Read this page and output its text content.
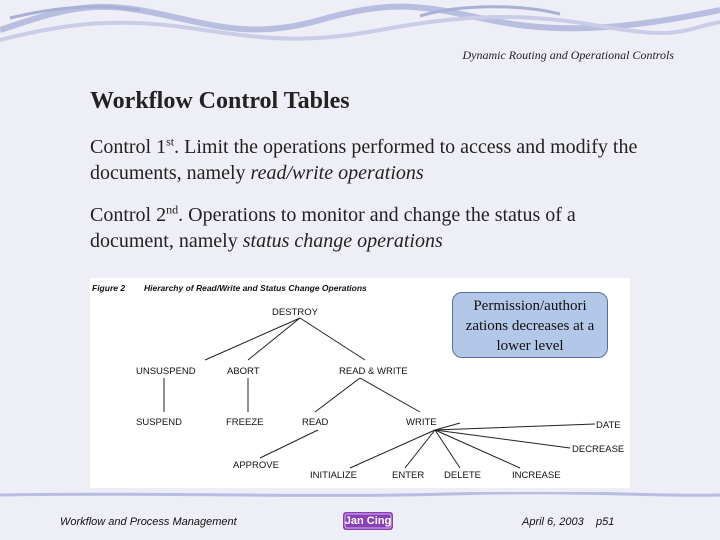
Dynamic Routing and Operational Controls
Workflow Control Tables

Control 1st. Limit the operations performed to access and modify the documents, namely read/write operations

Control 2nd. Operations to monitor and change the status of a document, namely status change operations

Figure 2 Hierarchy of Read/Write and Status Change Operations
DESTROY
UNSUSPEND	ABORT	READ & WRITE
SUSPEND	FREEZE	READ	WRITE	DATE
DECREASE
APPROVE
INITIALIZE	ENTER DELETE	INCREASE
Permission/authori zations decreases at a lower level
Workflow and Process Management	Jan Cing	April 6, 2003 p51
